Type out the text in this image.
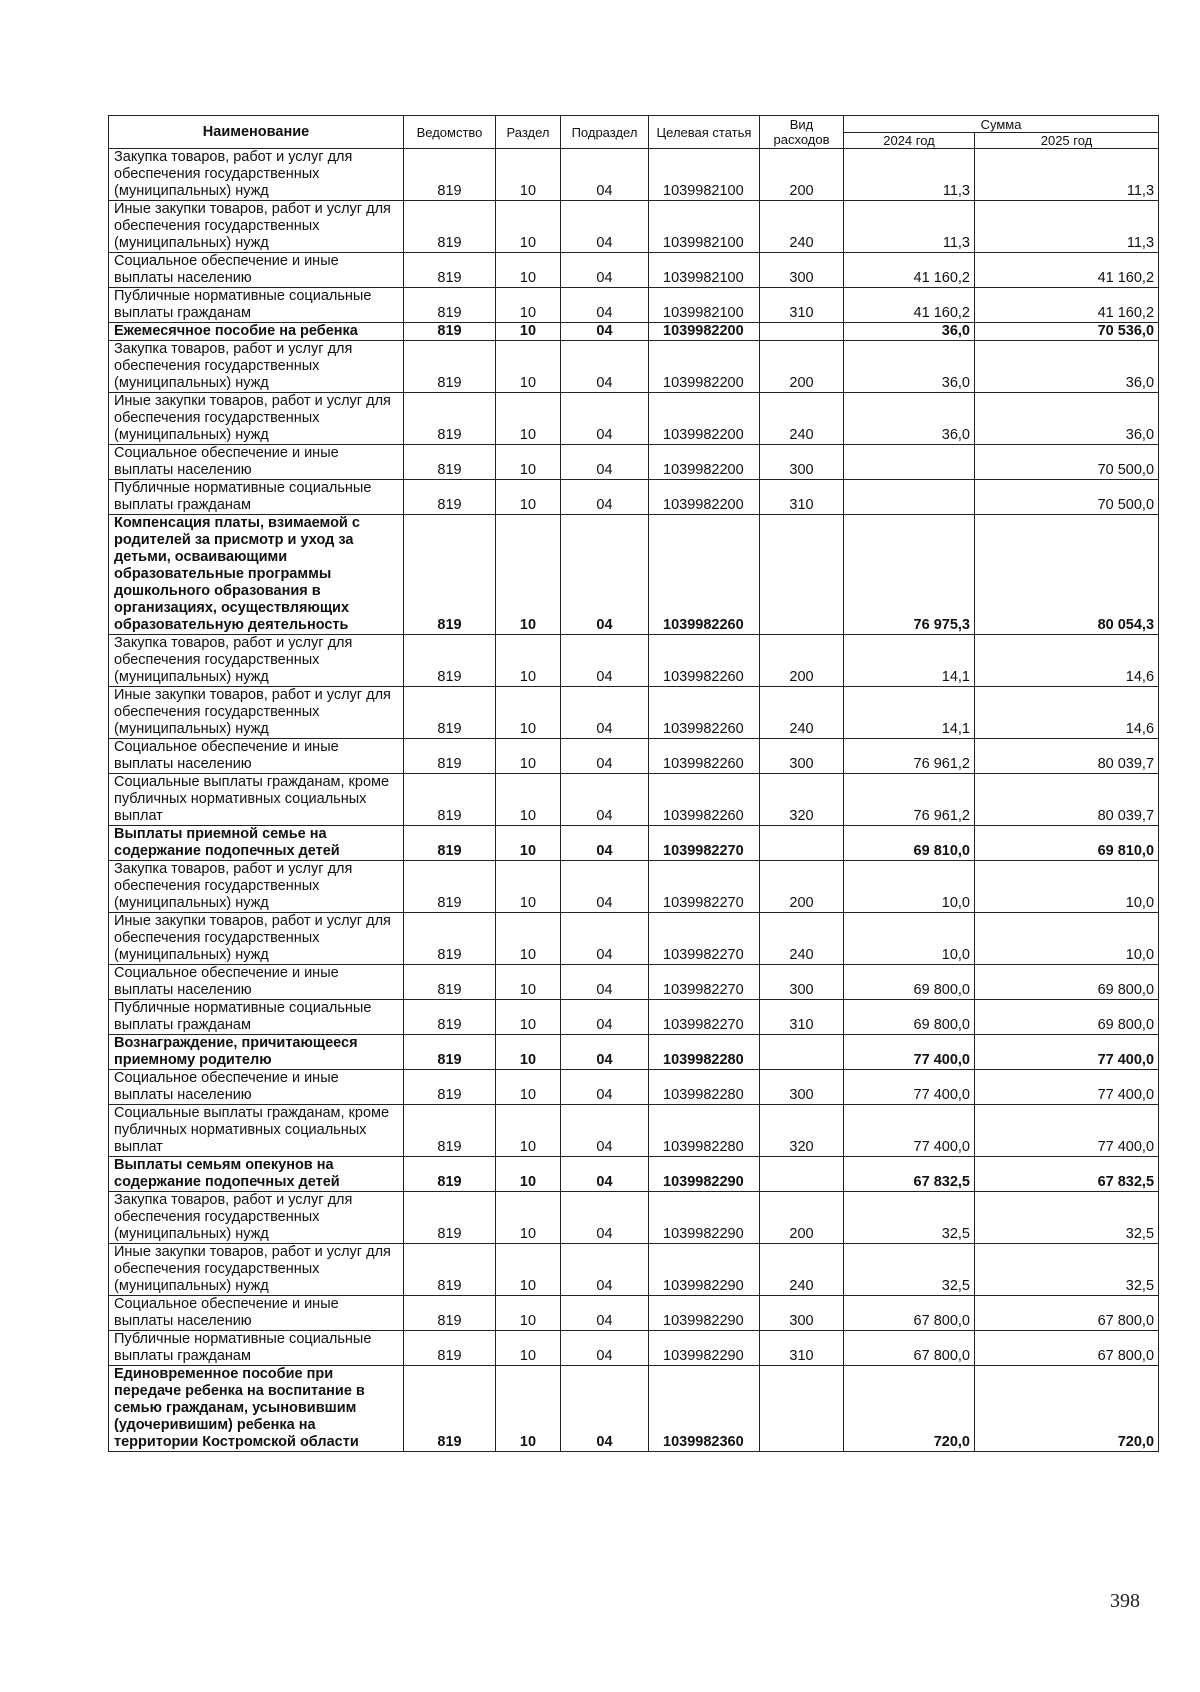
Наименование	Ведомство	Раздел	Подраздел	Целевая статья	Вид расходов	Сумма	
						2024 год	2025 год
Закупка товаров, работ и услуг для обеспечения государственных (муниципальных) нужд	819	10	04	1039982100	200	11,3	11,3
Иные закупки товаров, работ и услуг для обеспечения государственных (муниципальных) нужд	819	10	04	1039982100	240	11,3	11,3
Социальное обеспечение и иные выплаты населению	819	10	04	1039982100	300	41 160,2	41 160,2
Публичные нормативные социальные выплаты гражданам	819	10	04	1039982100	310	41 160,2	41 160,2
Ежемесячное пособие на ребенка	819	10	04	1039982200		36,0	70 536,0
Закупка товаров, работ и услуг для обеспечения государственных (муниципальных) нужд	819	10	04	1039982200	200	36,0	36,0
Иные закупки товаров, работ и услуг для обеспечения государственных (муниципальных) нужд	819	10	04	1039982200	240	36,0	36,0
Социальное обеспечение и иные выплаты населению	819	10	04	1039982200	300		70 500,0
Публичные нормативные социальные выплаты гражданам	819	10	04	1039982200	310		70 500,0
Компенсация платы, взимаемой с родителей за присмотр и уход за детьми, осваивающими образовательные программы дошкольного образования в организациях, осуществляющих образовательную деятельность	819	10	04	1039982260		76 975,3	80 054,3
Закупка товаров, работ и услуг для обеспечения государственных (муниципальных) нужд	819	10	04	1039982260	200	14,1	14,6
Иные закупки товаров, работ и услуг для обеспечения государственных (муниципальных) нужд	819	10	04	1039982260	240	14,1	14,6
Социальное обеспечение и иные выплаты населению	819	10	04	1039982260	300	76 961,2	80 039,7
Социальные выплаты гражданам, кроме публичных нормативных социальных выплат	819	10	04	1039982260	320	76 961,2	80 039,7
Выплаты приемной семье на содержание подопечных детей	819	10	04	1039982270		69 810,0	69 810,0
Закупка товаров, работ и услуг для обеспечения государственных (муниципальных) нужд	819	10	04	1039982270	200	10,0	10,0
Иные закупки товаров, работ и услуг для обеспечения государственных (муниципальных) нужд	819	10	04	1039982270	240	10,0	10,0
Социальное обеспечение и иные выплаты населению	819	10	04	1039982270	300	69 800,0	69 800,0
Публичные нормативные социальные выплаты гражданам	819	10	04	1039982270	310	69 800,0	69 800,0
Вознаграждение, причитающееся приемному родителю	819	10	04	1039982280		77 400,0	77 400,0
Социальное обеспечение и иные выплаты населению	819	10	04	1039982280	300	77 400,0	77 400,0
Социальные выплаты гражданам, кроме публичных нормативных социальных выплат	819	10	04	1039982280	320	77 400,0	77 400,0
Выплаты семьям опекунов на содержание подопечных детей	819	10	04	1039982290		67 832,5	67 832,5
Закупка товаров, работ и услуг для обеспечения государственных (муниципальных) нужд	819	10	04	1039982290	200	32,5	32,5
Иные закупки товаров, работ и услуг для обеспечения государственных (муниципальных) нужд	819	10	04	1039982290	240	32,5	32,5
Социальное обеспечение и иные выплаты населению	819	10	04	1039982290	300	67 800,0	67 800,0
Публичные нормативные социальные выплаты гражданам	819	10	04	1039982290	310	67 800,0	67 800,0
Единовременное пособие при передаче ребенка на воспитание в семью гражданам, усыновившим (удочеривишим) ребенка на территории Костромской области	819	10	04	1039982360		720,0	720,0
398
